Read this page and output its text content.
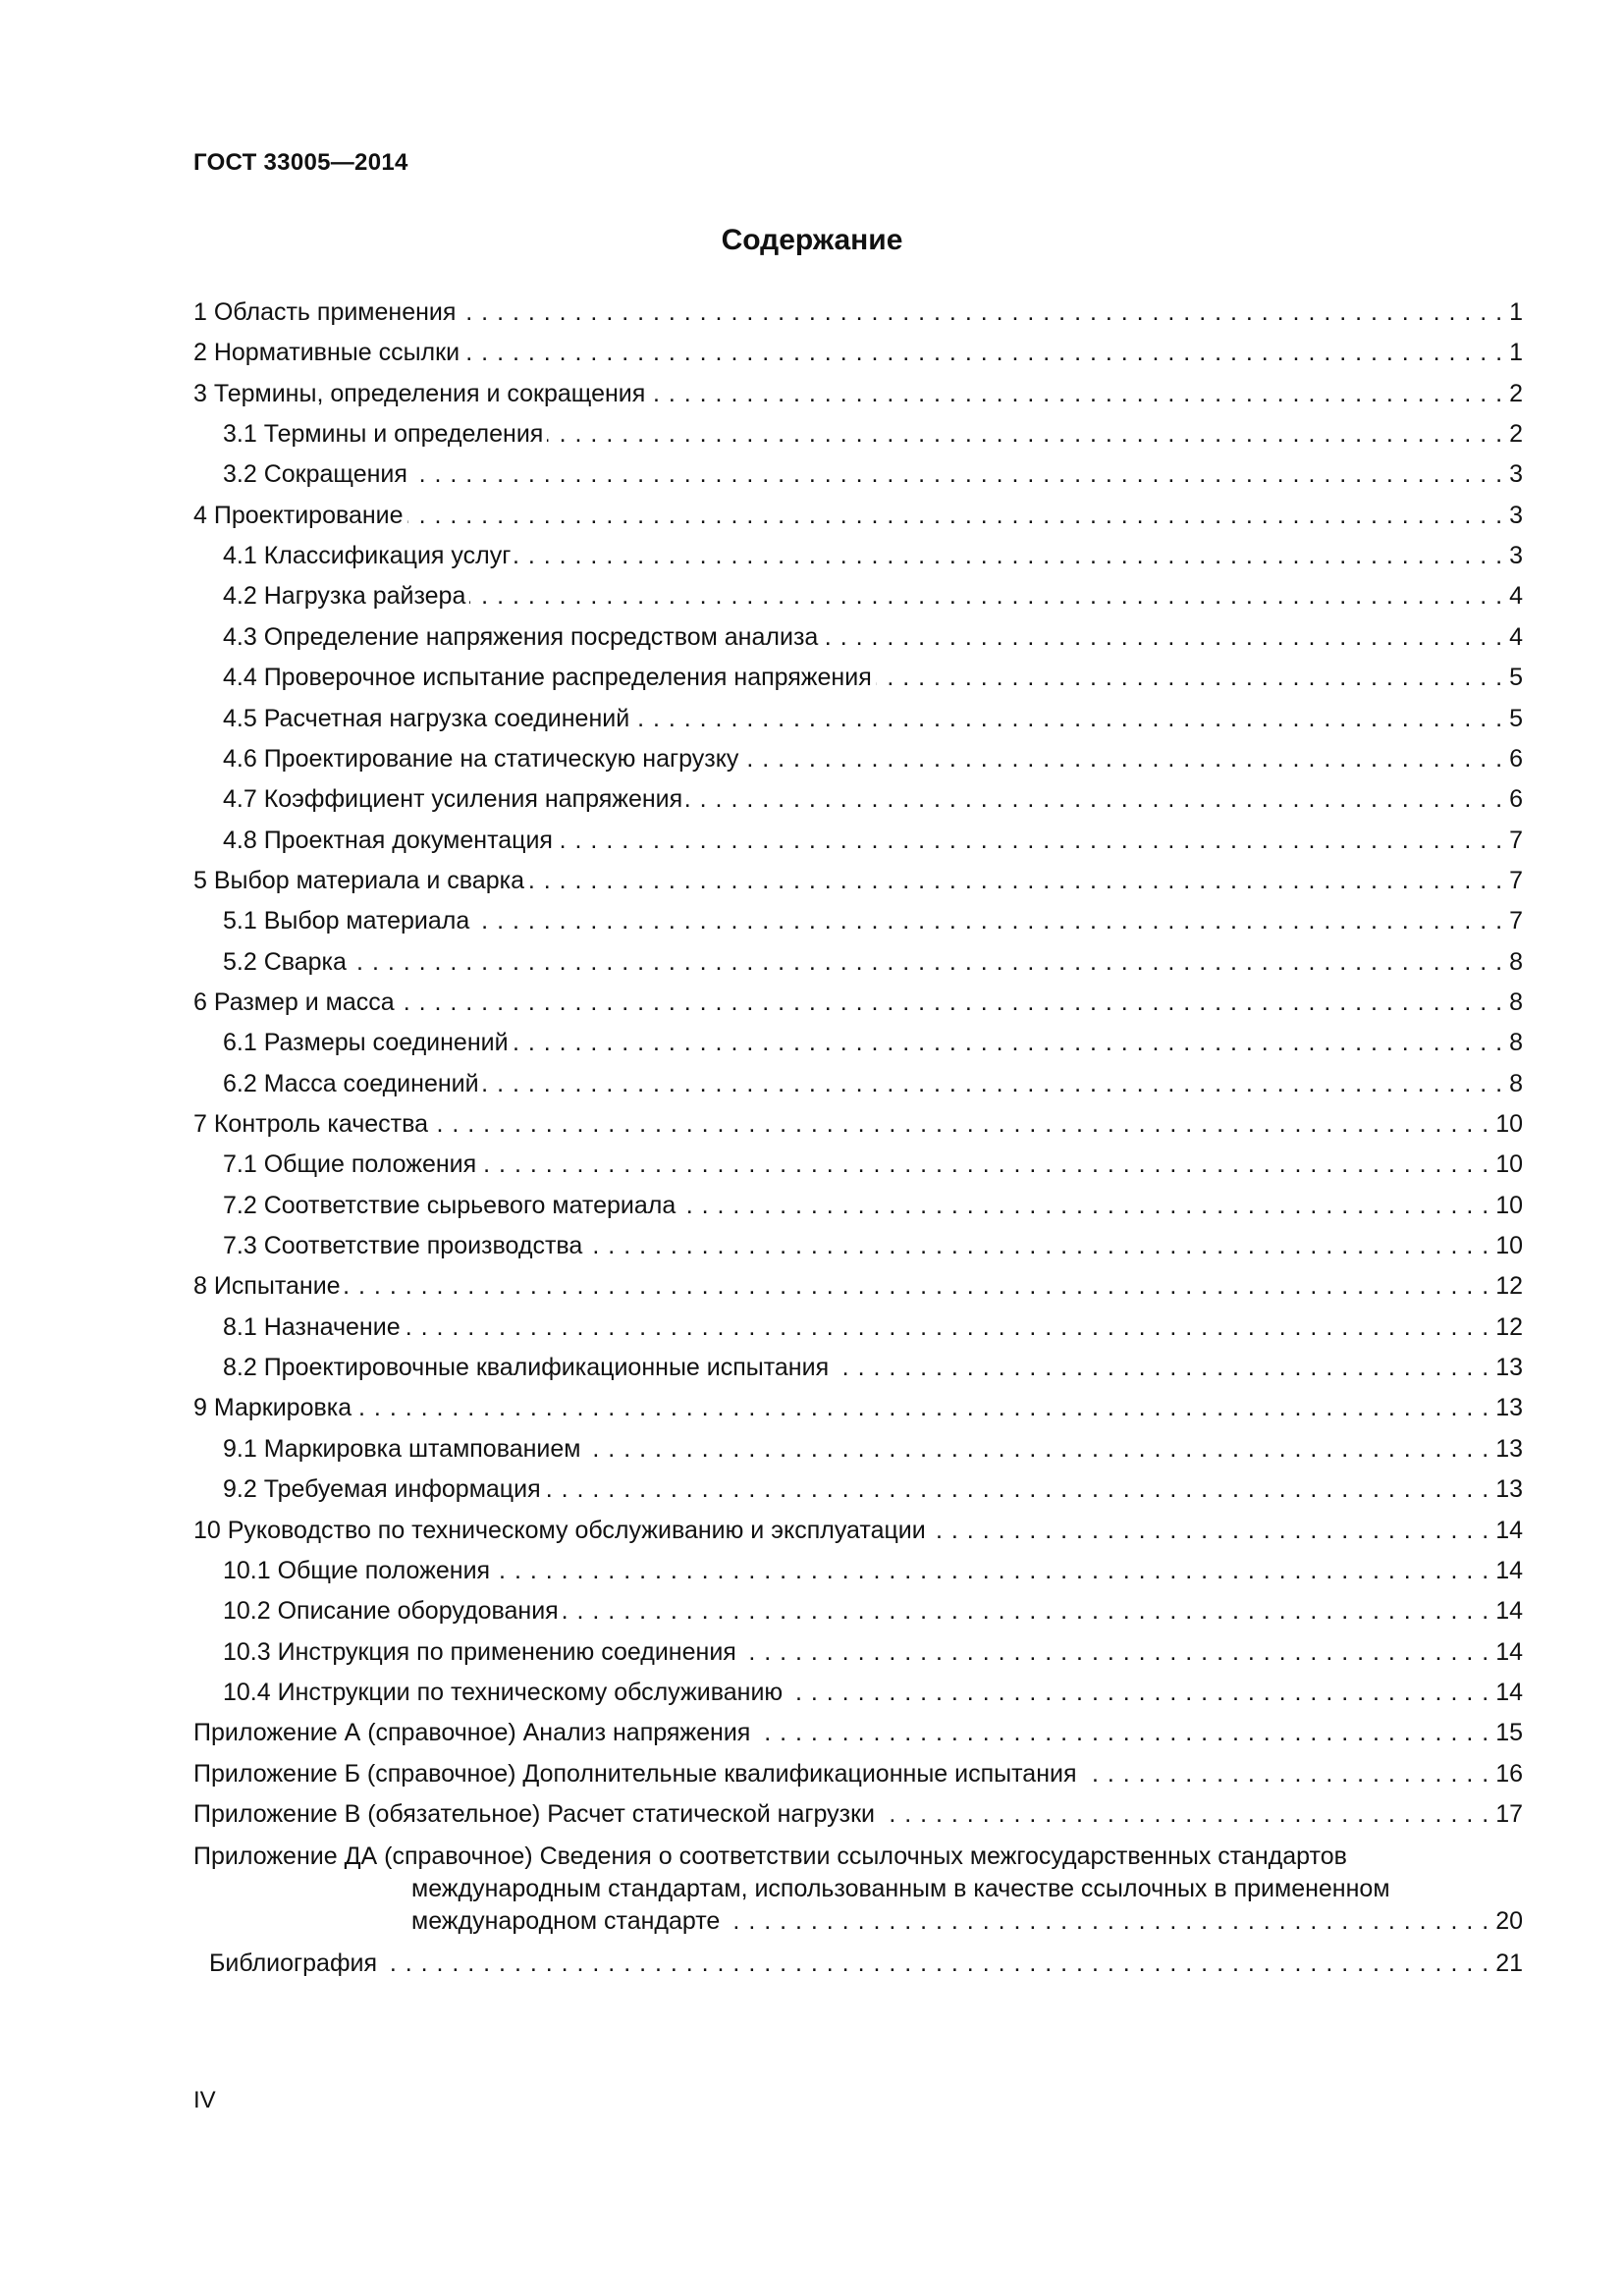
ГОСТ 33005—2014
Содержание
1 Область применения . . .	1
2 Нормативные ссылки . . .	1
3 Термины, определения и сокращения . . .	2
3.1 Термины и определения . . .	2
3.2 Сокращения . . .	3
4 Проектирование . . .	3
4.1 Классификация услуг . . .	3
4.2 Нагрузка райзера . . .	4
4.3 Определение напряжения посредством анализа . . .	4
4.4 Проверочное испытание распределения напряжения . . .	5
4.5 Расчетная нагрузка соединений . . .	5
4.6 Проектирование на статическую нагрузку . . .	6
4.7 Коэффициент усиления напряжения . . .	6
4.8 Проектная документация . . .	7
5 Выбор материала и сварка . . .	7
5.1 Выбор материала . . .	7
5.2 Сварка . . .	8
6 Размер и масса . . .	8
6.1 Размеры соединений . . .	8
6.2 Масса соединений . . .	8
7 Контроль качества . . .	10
7.1 Общие положения . . .	10
7.2 Соответствие сырьевого материала . . .	10
7.3 Соответствие производства . . .	10
8 Испытание . . .	12
8.1 Назначение . . .	12
8.2 Проектировочные квалификационные испытания . . .	13
9 Маркировка . . .	13
9.1 Маркировка штампованием . . .	13
9.2 Требуемая информация . . .	13
10 Руководство по техническому обслуживанию и эксплуатации . . .	14
10.1 Общие положения . . .	14
10.2 Описание оборудования . . .	14
10.3 Инструкция по применению соединения . . .	14
10.4 Инструкции по техническому обслуживанию . . .	14
Приложение А (справочное) Анализ напряжения . . .	15
Приложение Б (справочное) Дополнительные квалификационные испытания . . .	16
Приложение В (обязательное) Расчет статической нагрузки . . .	17
Приложение ДА (справочное) Сведения о соответствии ссылочных межгосударственных стандартов
международным стандартам, использованным в качестве ссылочных в примененном
международном стандарте . . .	20
Библиография . . .	21
IV
